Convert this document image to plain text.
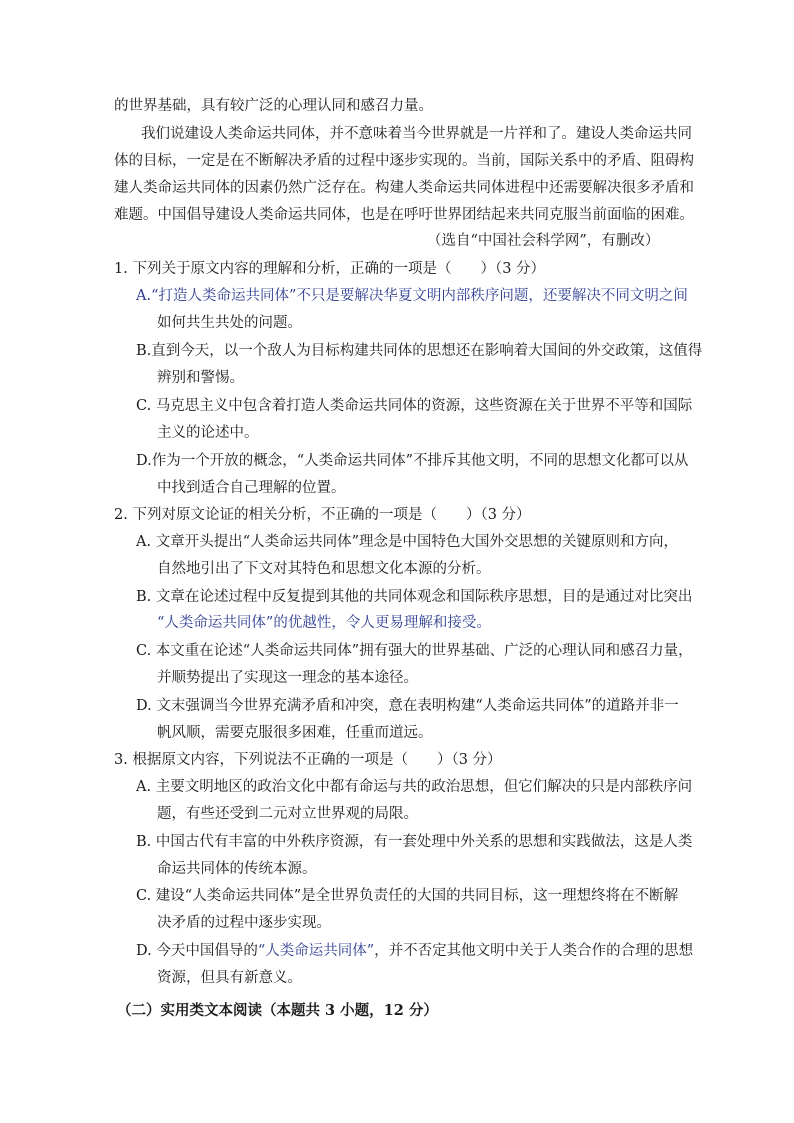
的世界基础，具有较广泛的心理认同和感召力量。
我们说建设人类命运共同体，并不意味着当今世界就是一片祥和了。建设人类命运共同
体的目标，一定是在不断解决矛盾的过程中逐步实现的。当前，国际关系中的矛盾、阻碍构
建人类命运共同体的因素仍然广泛存在。构建人类命运共同体进程中还需要解决很多矛盾和
难题。中国倡导建设人类命运共同体，也是在呼吁世界团结起来共同克服当前面临的困难。
（选自“中国社会科学网”，有删改）
1. 下列关于原文内容的理解和分析，正确的一项是（　　）（3 分）
A.“打造人类命运共同体”不只是要解决华夏文明内部秩序问题，还要解决不同文明之间
如何共生共处的问题。
B.直到今天，以一个敌人为目标构建共同体的思想还在影响着大国间的外交政策，这值得
辨别和警惕。
C. 马克思主义中包含着打造人类命运共同体的资源，这些资源在关于世界不平等和国际
主义的论述中。
D.作为一个开放的概念，“人类命运共同体”不排斥其他文明，不同的思想文化都可以从
中找到适合自己理解的位置。
2. 下列对原文论证的相关分析，不正确的一项是（　　）（3 分）
A. 文章开头提出“人类命运共同体”理念是中国特色大国外交思想的关键原则和方向，
自然地引出了下文对其特色和思想文化本源的分析。
B. 文章在论述过程中反复提到其他的共同体观念和国际秩序思想，目的是通过对比突出
“人类命运共同体”的优越性，令人更易理解和接受。
C. 本文重在论述“人类命运共同体”拥有强大的世界基础、广泛的心理认同和感召力量，
并顺势提出了实现这一理念的基本途径。
D. 文末强调当今世界充满矛盾和冲突，意在表明构建“人类命运共同体”的道路并非一
帆风顺，需要克服很多困难，任重而道远。
3. 根据原文内容，下列说法不正确的一项是（　　）（3 分）
A. 主要文明地区的政治文化中都有命运与共的政治思想，但它们解决的只是内部秩序问
题，有些还受到二元对立世界观的局限。
B. 中国古代有丰富的中外秩序资源，有一套处理中外关系的思想和实践做法，这是人类
命运共同体的传统本源。
C. 建设“人类命运共同体”是全世界负责任的大国的共同目标，这一理想终将在不断解
决矛盾的过程中逐步实现。
D. 今天中国倡导的“人类命运共同体”，并不否定其他文明中关于人类合作的合理的思想
资源，但具有新意义。
（二）实用类文本阅读（本题共 3 小题，12 分）
